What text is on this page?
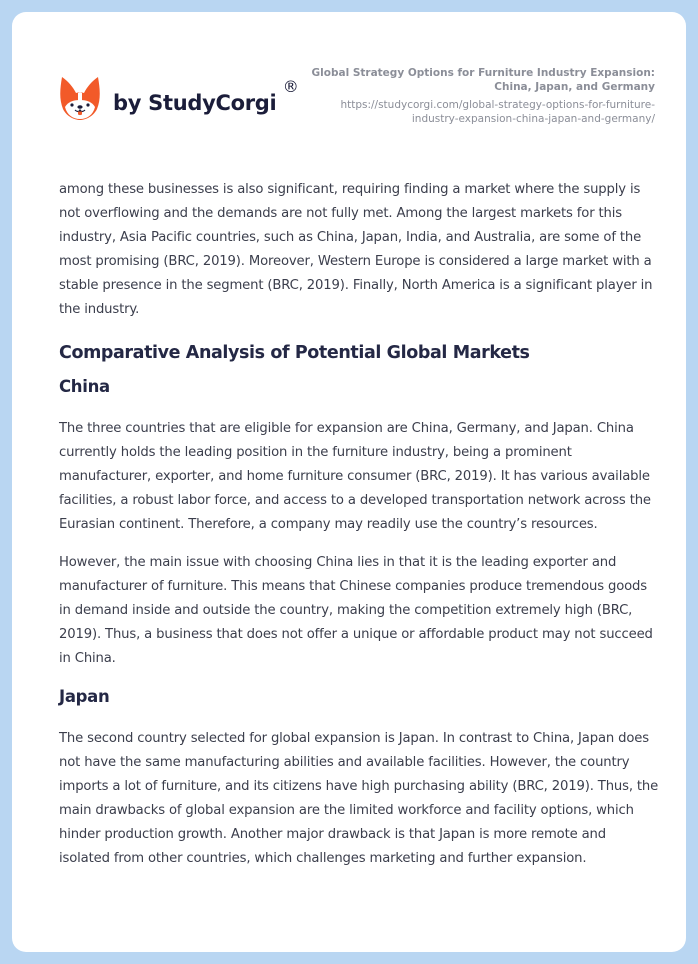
by StudyCorgi
®

Global Strategy Options for Furniture Industry Expansion:
China, Japan, and Germany

https://studycorgi.com/global-strategy-options-for-furniture-
industry-expansion-china-japan-and-germany/

among these businesses is also significant, requiring finding a market where the supply is not overflowing and the demands are not fully met. Among the largest markets for this industry, Asia Pacific countries, such as China, Japan, India, and Australia, are some of the most promising (BRC, 2019). Moreover, Western Europe is considered a large market with a stable presence in the segment (BRC, 2019). Finally, North America is a significant player in the industry.

Comparative Analysis of Potential Global Markets
China

The three countries that are eligible for expansion are China, Germany, and Japan. China currently holds the leading position in the furniture industry, being a prominent manufacturer, exporter, and home furniture consumer (BRC, 2019). It has various available facilities, a robust labor force, and access to a developed transportation network across the Eurasian continent. Therefore, a company may readily use the country’s resources.

However, the main issue with choosing China lies in that it is the leading exporter and manufacturer of furniture. This means that Chinese companies produce tremendous goods in demand inside and outside the country, making the competition extremely high (BRC, 2019). Thus, a business that does not offer a unique or affordable product may not succeed in China.

Japan

The second country selected for global expansion is Japan. In contrast to China, Japan does not have the same manufacturing abilities and available facilities. However, the country imports a lot of furniture, and its citizens have high purchasing ability (BRC, 2019). Thus, the main drawbacks of global expansion are the limited workforce and facility options, which hinder production growth. Another major drawback is that Japan is more remote and isolated from other countries, which challenges marketing and further expansion.
